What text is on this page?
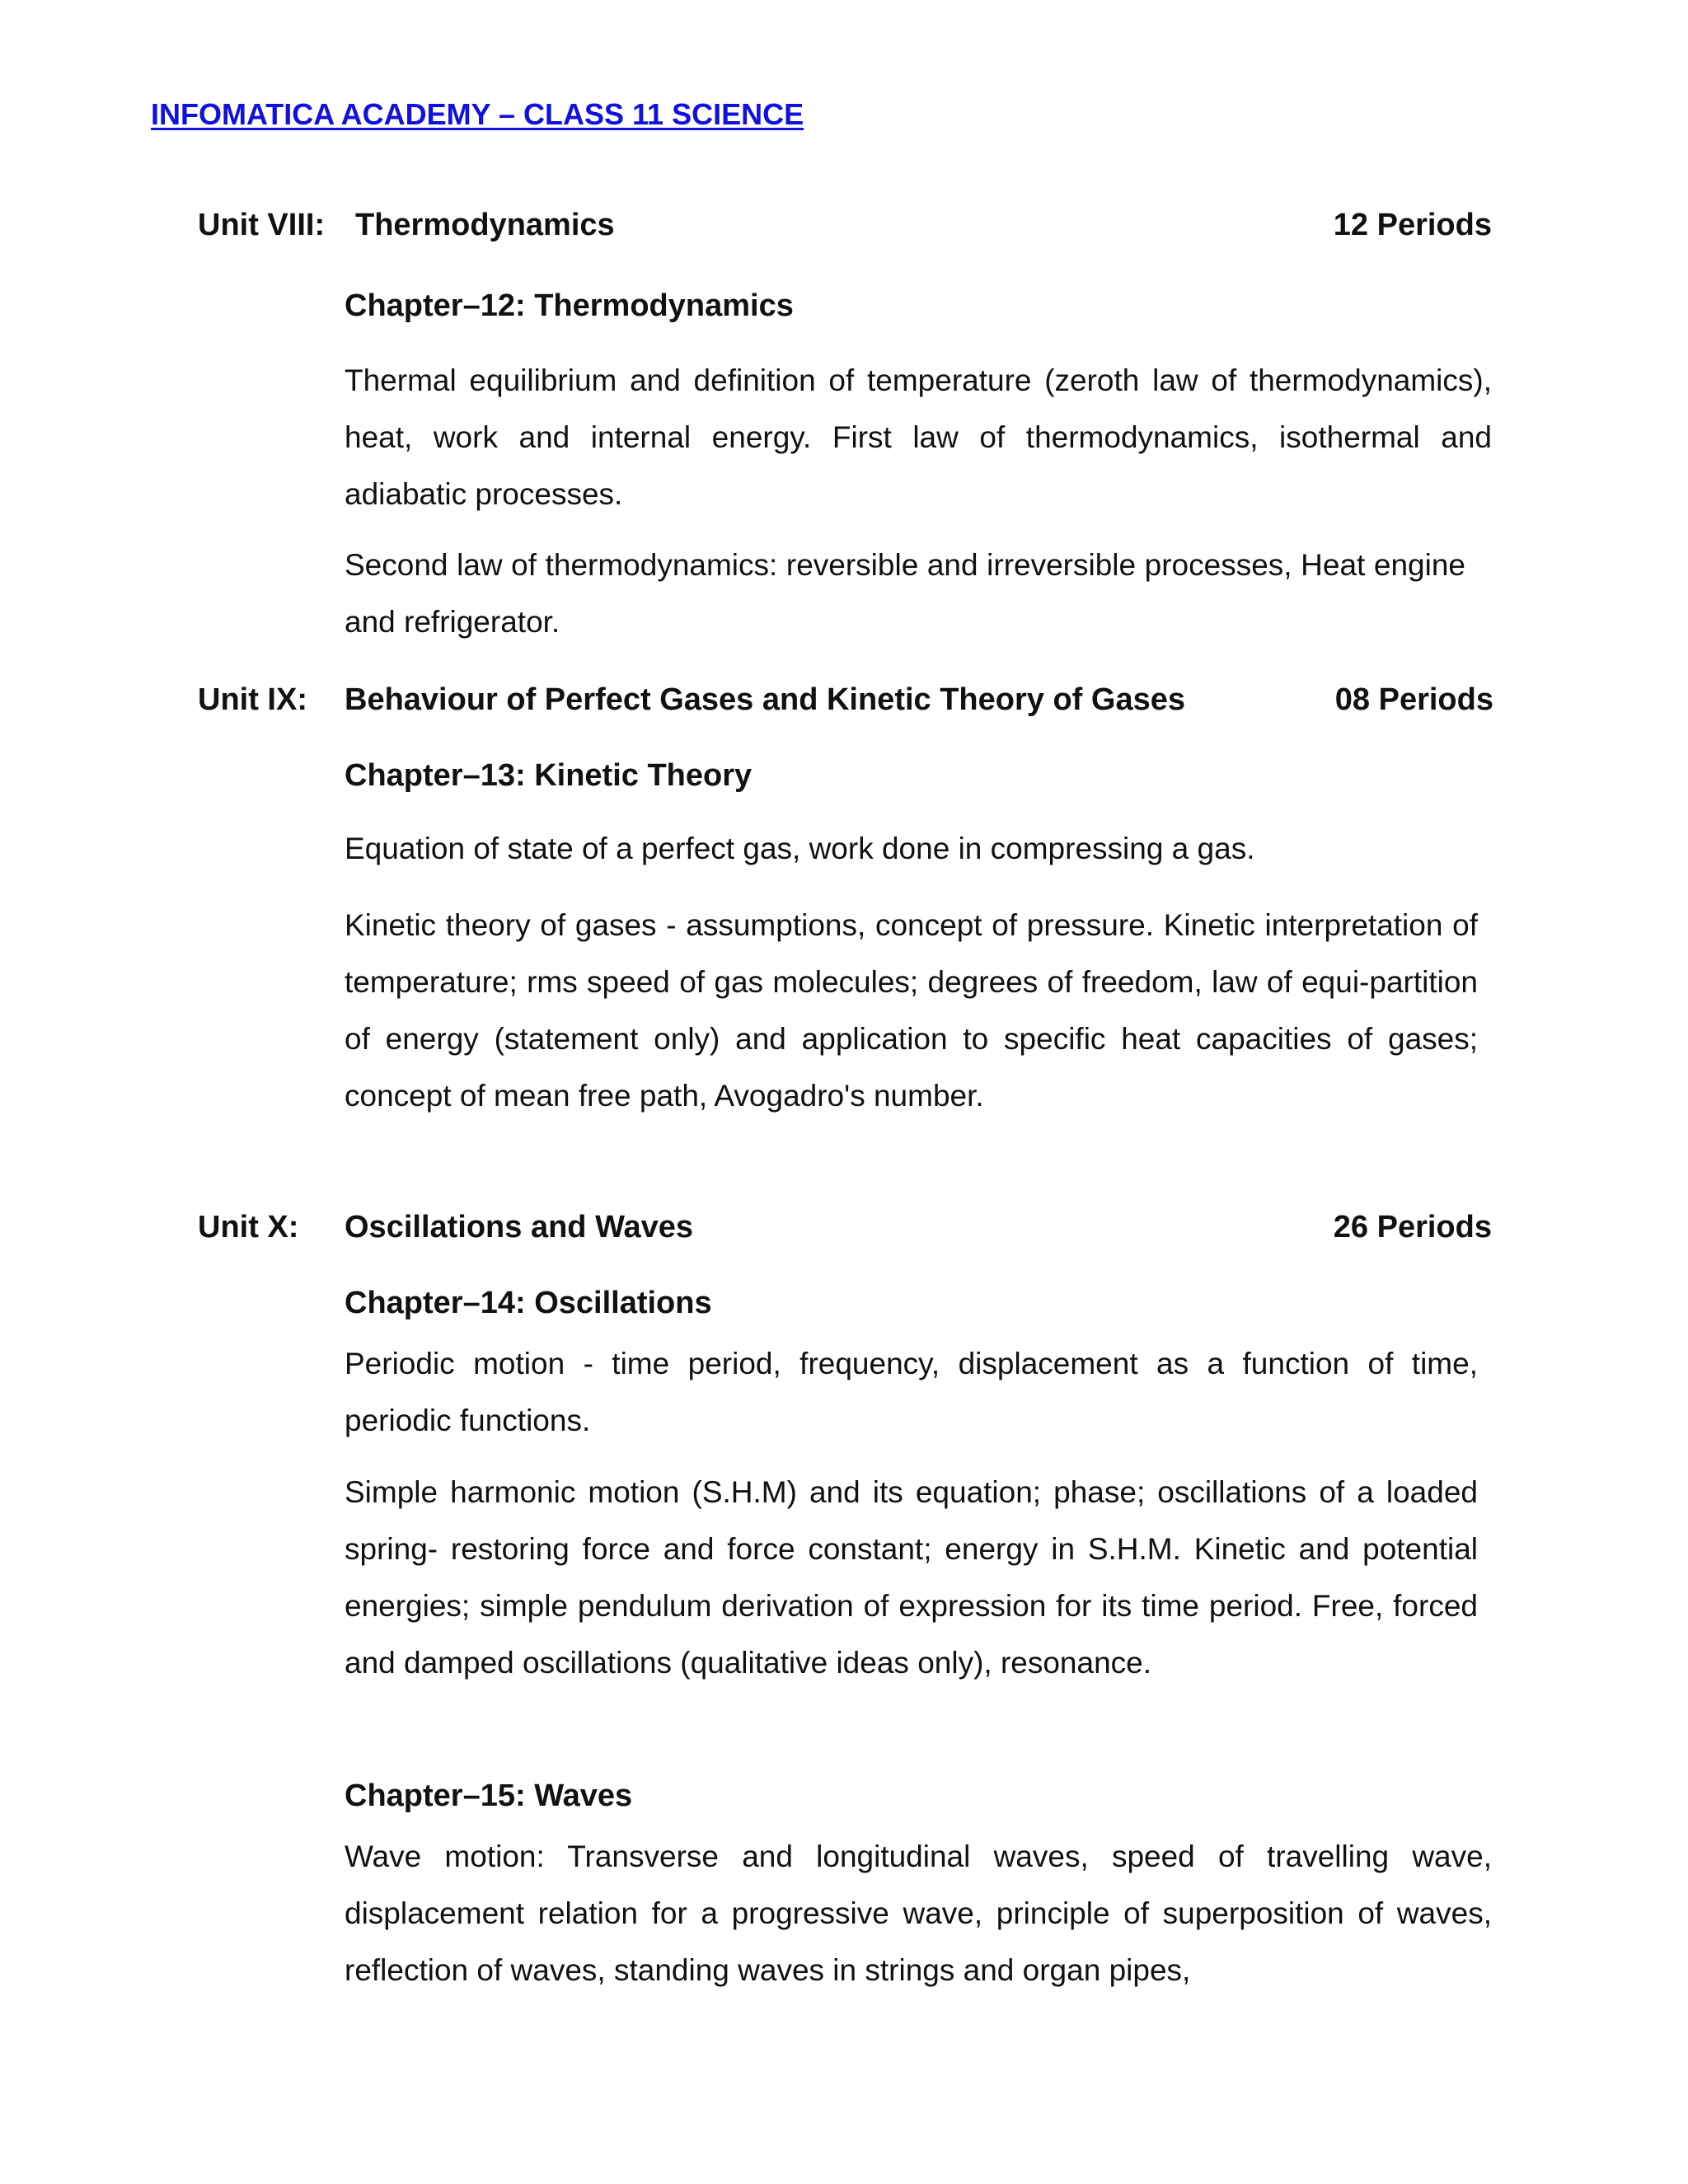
INFOMATICA ACADEMY – CLASS 11 SCIENCE
Unit VIII: Thermodynamics	12 Periods
Chapter–12: Thermodynamics

Thermal equilibrium and definition of temperature (zeroth law of thermodynamics), heat, work and internal energy. First law of thermodynamics, isothermal and adiabatic processes.

Second law of thermodynamics: reversible and irreversible processes, Heat engine and refrigerator.

Unit IX: Behaviour of Perfect Gases and Kinetic Theory of Gases	08 Periods
Chapter–13: Kinetic Theory

Equation of state of a perfect gas, work done in compressing a gas.

Kinetic theory of gases - assumptions, concept of pressure. Kinetic interpretation of temperature; rms speed of gas molecules; degrees of freedom, law of equi-partition of energy (statement only) and application to specific heat capacities of gases; concept of mean free path, Avogadro's number.

Unit X: Oscillations and Waves	26 Periods
Chapter–14: Oscillations

Periodic motion - time period, frequency, displacement as a function of time, periodic functions.

Simple harmonic motion (S.H.M) and its equation; phase; oscillations of a loaded spring- restoring force and force constant; energy in S.H.M. Kinetic and potential energies; simple pendulum derivation of expression for its time period. Free, forced and damped oscillations (qualitative ideas only), resonance.

Chapter–15: Waves

Wave motion: Transverse and longitudinal waves, speed of travelling wave, displacement relation for a progressive wave, principle of superposition of waves, reflection of waves, standing waves in strings and organ pipes,
